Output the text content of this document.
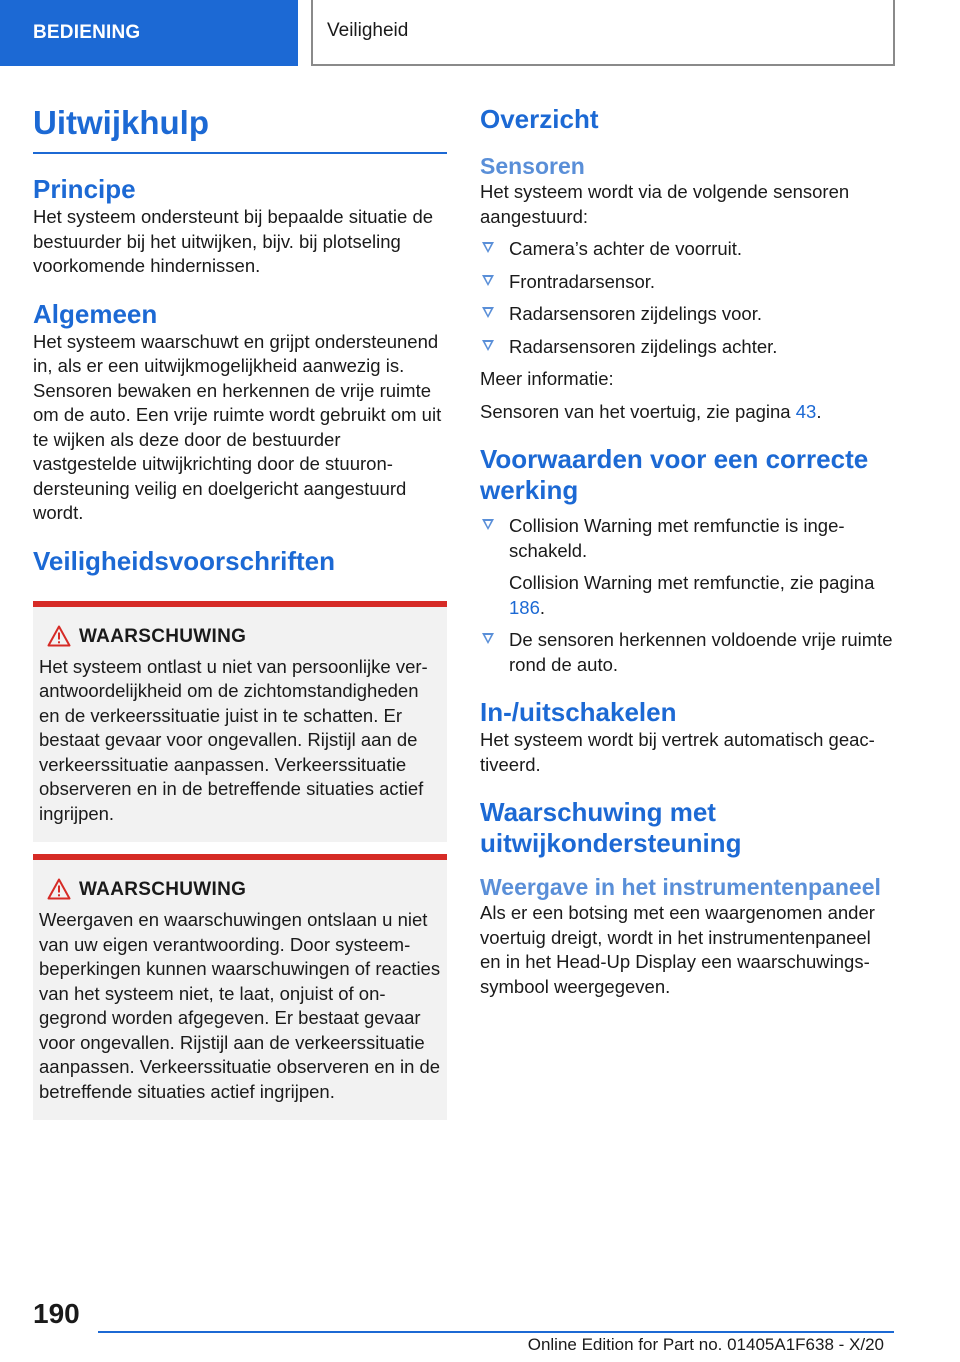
BEDIENING	Veiligheid
Uitwijkhulp
Principe

Het systeem ondersteunt bij bepaalde situatie de bestuurder bij het uitwijken, bijv. bij plotseling voorkomende hindernissen.

Algemeen

Het systeem waarschuwt en grijpt ondersteunend in, als er een uitwijkmogelijkheid aanwezig is. Sensoren bewaken en herkennen de vrije ruimte om de auto. Een vrije ruimte wordt gebruikt om uit te wijken als deze door de bestuurder vastgestelde uitwijkrichting door de stuurondersteuning veilig en doelgericht aangestuurd wordt.

Veiligheidsvoorschriften
WAARSCHUWING

Het systeem ontlast u niet van persoonlijke verantwoordelijkheid om de zichtomstandigheden en de verkeerssituatie juist in te schatten. Er bestaat gevaar voor ongevallen. Rijstijl aan de verkeerssituatie aanpassen. Verkeerssituatie observeren en in de betreffende situaties actief ingrijpen.

WAARSCHUWING

Weergaven en waarschuwingen ontslaan u niet van uw eigen verantwoording. Door systeembeperkingen kunnen waarschuwingen of reacties van het systeem niet, te laat, onjuist of ongegrond worden afgegeven. Er bestaat gevaar voor ongevallen. Rijstijl aan de verkeerssituatie aanpassen. Verkeerssituatie observeren en in de betreffende situaties actief ingrijpen.

Overzicht
Sensoren

Het systeem wordt via de volgende sensoren aangestuurd:

Camera’s achter de voorruit.
Frontradarsensor.
Radarsensoren zijdelings voor.
Radarsensoren zijdelings achter.

Meer informatie:

Sensoren van het voertuig, zie pagina 43.

Voorwaarden voor een correcte werking
Collision Warning met remfunctie is ingeschakeld.
Collision Warning met remfunctie, zie pagina 186.
De sensoren herkennen voldoende vrije ruimte rond de auto.
In-/uitschakelen

Het systeem wordt bij vertrek automatisch geactiveerd.

Waarschuwing met uitwijkondersteuning
Weergave in het instrumentenpaneel

Als er een botsing met een waargenomen ander voertuig dreigt, wordt in het instrumentenpaneel en in het Head-Up Display een waarschuwingssymbool weergegeven.

190
Online Edition for Part no. 01405A1F638 - X/20
